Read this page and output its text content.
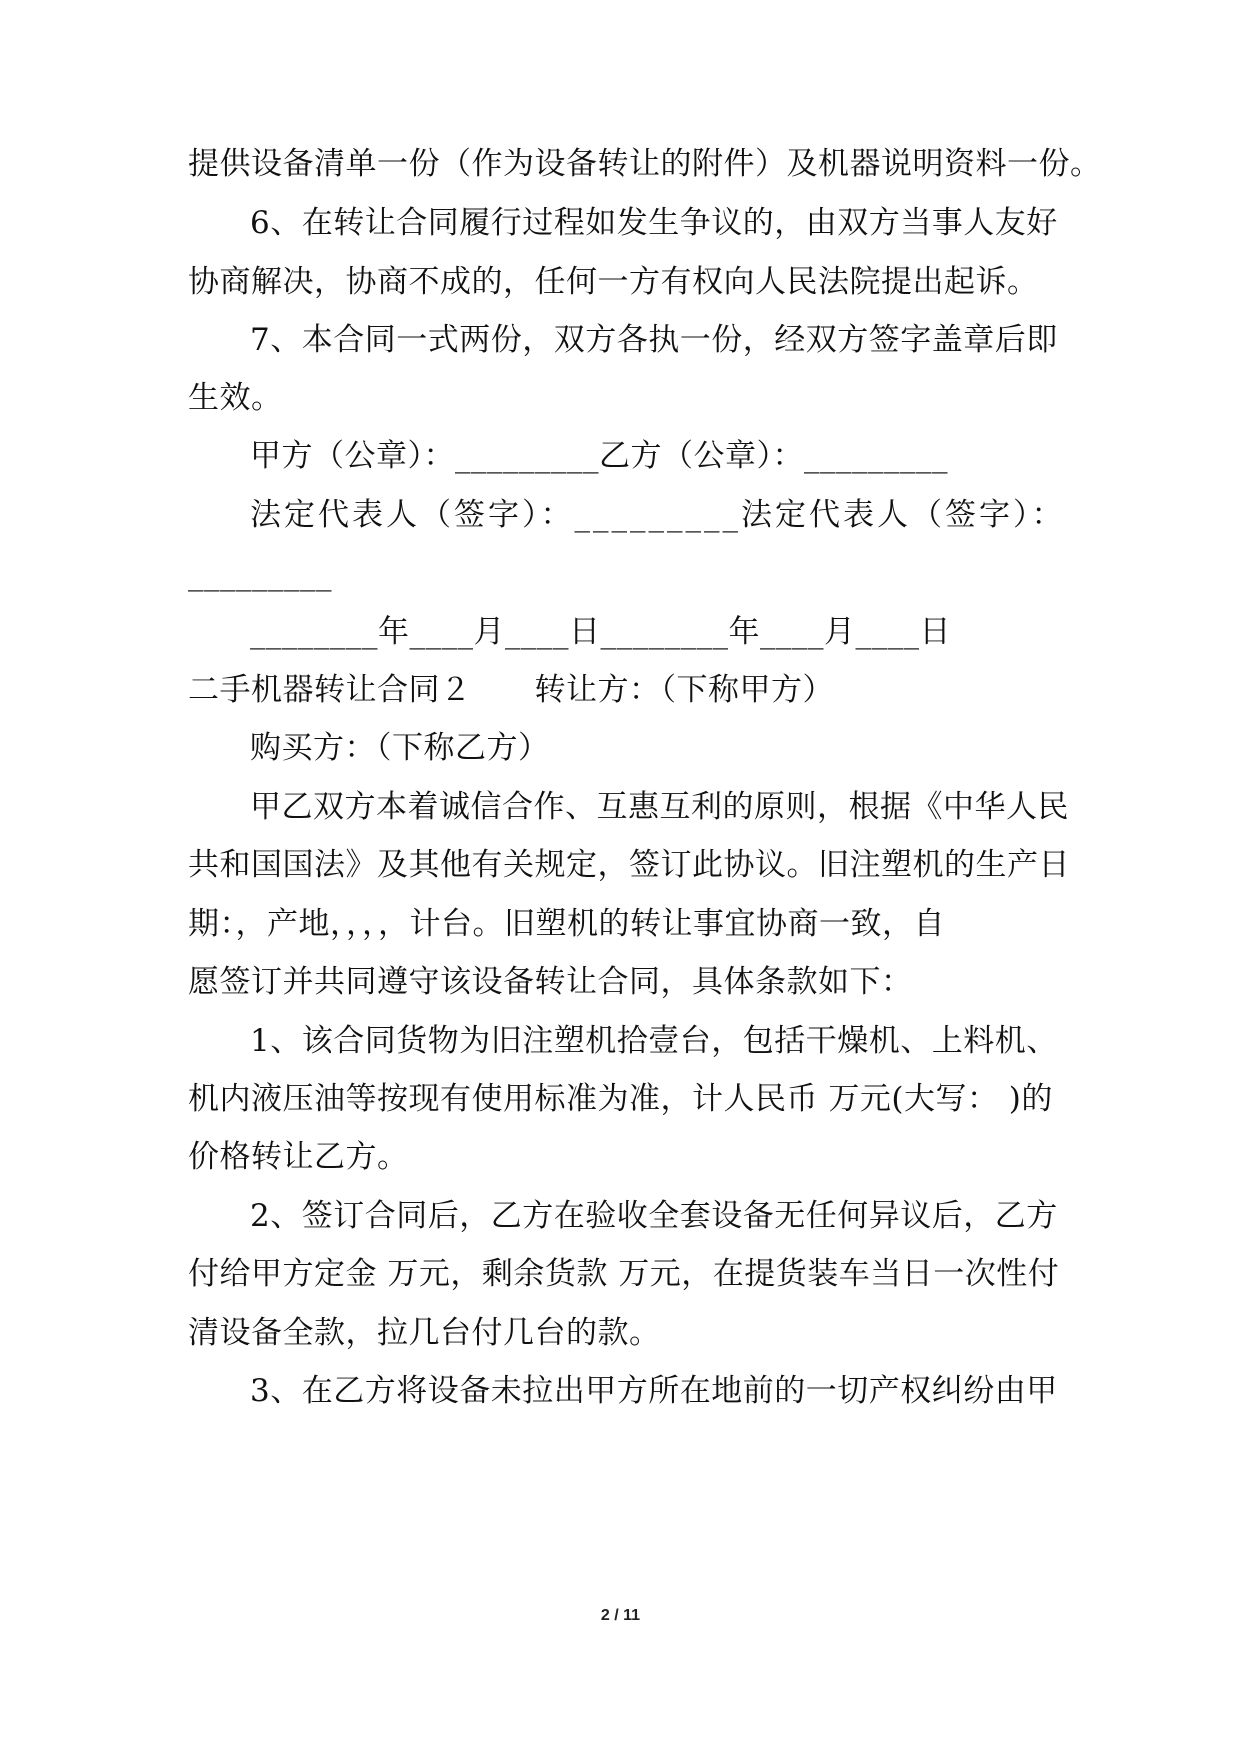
提供设备清单一份（作为设备转让的附件）及机器说明资料一份。
6、在转让合同履行过程如发生争议的，由双方当事人友好
协商解决，协商不成的，任何一方有权向人民法院提出起诉。
7、本合同一式两份，双方各执一份，经双方签字盖章后即
生效。
甲方（公章）：_________乙方（公章）：_________
法定代表人（签字）：_________法定代表人（签字）：
_________
________年____月____日________年____月____日
二手机器转让合同２　　转让方：（下称甲方）
购买方：（下称乙方）
甲乙双方本着诚信合作、互惠互利的原则，根据《中华人民
共和国国法》及其他有关规定，签订此协议。旧注塑机的生产日
期：，产地，，，，计台。旧塑机的转让事宜协商一致，自
愿签订并共同遵守该设备转让合同，具体条款如下：
1、该合同货物为旧注塑机拾壹台，包括干燥机、上料机、
机内液压油等按现有使用标准为准，计人民币 万元(大写： )的
价格转让乙方。
2、签订合同后，乙方在验收全套设备无任何异议后，乙方
付给甲方定金 万元，剩余货款 万元，在提货装车当日一次性付
清设备全款，拉几台付几台的款。
3、在乙方将设备未拉出甲方所在地前的一切产权纠纷由甲
2 / 11
